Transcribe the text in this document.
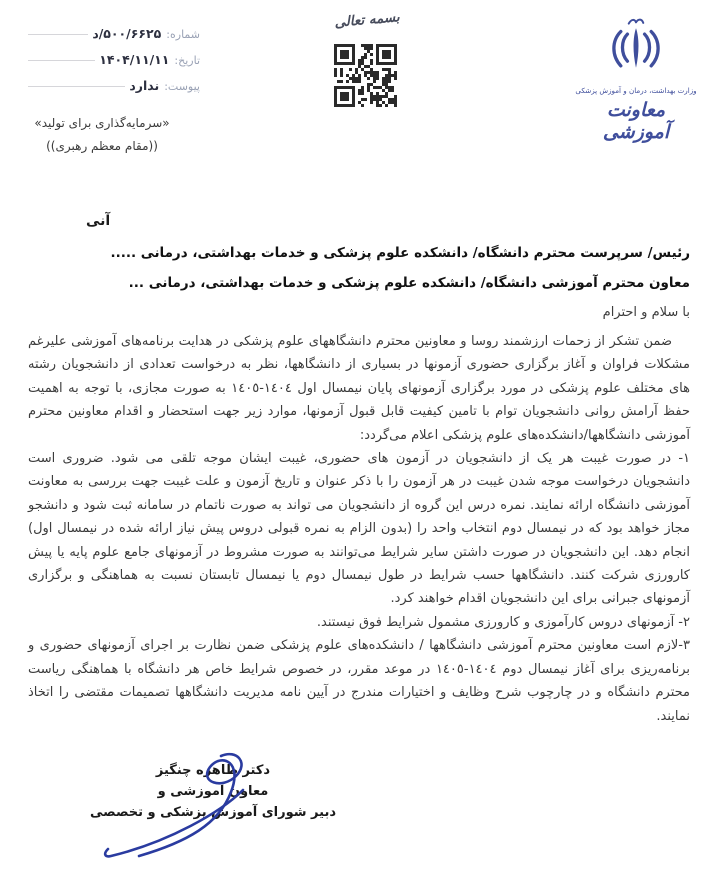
شماره:
۵۰۰/۶۶۲۵/د
تاریخ:
۱۴۰۴/۱۱/۱۱
پیوست:
ندارد
«سرمایه‌گذاری برای تولید»
((مقام معظم رهبری))
بسمه تعالی
وزارت بهداشت، درمان و آموزش پزشکی
معاونت آموزشی
آنی
رئیس/ سرپرست محترم دانشگاه/ دانشکده علوم پزشکی و خدمات بهداشتی، درمانی .....
معاون محترم آموزشی دانشگاه/ دانشکده علوم پزشکی و خدمات بهداشتی، درمانی ...
با سلام و احترام

ضمن تشکر از زحمات ارزشمند روسا و معاونین محترم دانشگاههای علوم پزشکی در هدایت برنامه‌های آموزشی علیرغم مشکلات فراوان و آغاز برگزاری حضوری آزمونها در بسیاری از دانشگاهها، نظر به درخواست تعدادی از دانشجویان رشته های مختلف علوم پزشکی در مورد برگزاری آزمونهای پایان نیمسال اول ١٤٠٤-١٤٠٥ به صورت مجازی، با توجه به اهمیت حفظ آرامش روانی دانشجویان توام با تامین کیفیت قابل قبول آزمونها، موارد زیر جهت استحضار و اقدام معاونین محترم آموزشی دانشگاهها/دانشکده‌های علوم پزشکی اعلام می‌گردد:

۱- در صورت غیبت هر یک از دانشجویان در آزمون های حضوری، غیبت ایشان موجه تلقی می شود. ضروری است دانشجویان درخواست موجه شدن غیبت در هر آزمون را با ذکر عنوان و تاریخ آزمون و علت غیبت جهت بررسی به معاونت آموزشی دانشگاه ارائه نمایند. نمره درس این گروه از دانشجویان می تواند به صورت ناتمام در سامانه ثبت شود و دانشجو مجاز خواهد بود که در نیمسال دوم انتخاب واحد را (بدون الزام به نمره قبولی دروس پیش نیاز ارائه شده در نیمسال اول) انجام دهد. این دانشجویان در صورت داشتن سایر شرایط می‌توانند به صورت مشروط در آزمونهای جامع علوم پایه یا پیش کارورزی شرکت کنند. دانشگاهها حسب شرایط در طول نیمسال دوم یا نیمسال تابستان نسبت به هماهنگی و برگزاری آزمونهای جبرانی برای این دانشجویان اقدام خواهند کرد.

۲- آزمونهای دروس کارآموزی و کارورزی مشمول شرایط فوق نیستند.

۳-لازم است معاونین محترم آموزشی دانشگاهها / دانشکده‌های علوم پزشکی ضمن نظارت بر اجرای آزمونهای حضوری و برنامه‌ریزی برای آغاز نیمسال دوم ١٤٠٤-١٤٠٥ در موعد مقرر، در خصوص شرایط خاص هر دانشگاه با هماهنگی ریاست محترم دانشگاه و در چارچوب شرح وظایف و اختیارات مندرج در آیین نامه مدیریت دانشگاهها تصمیمات مقتضی را اتخاذ نمایند.

دکتر طاهره چنگیز
معاون آموزشی و
دبیر شورای آموزش پزشکی و تخصصی
